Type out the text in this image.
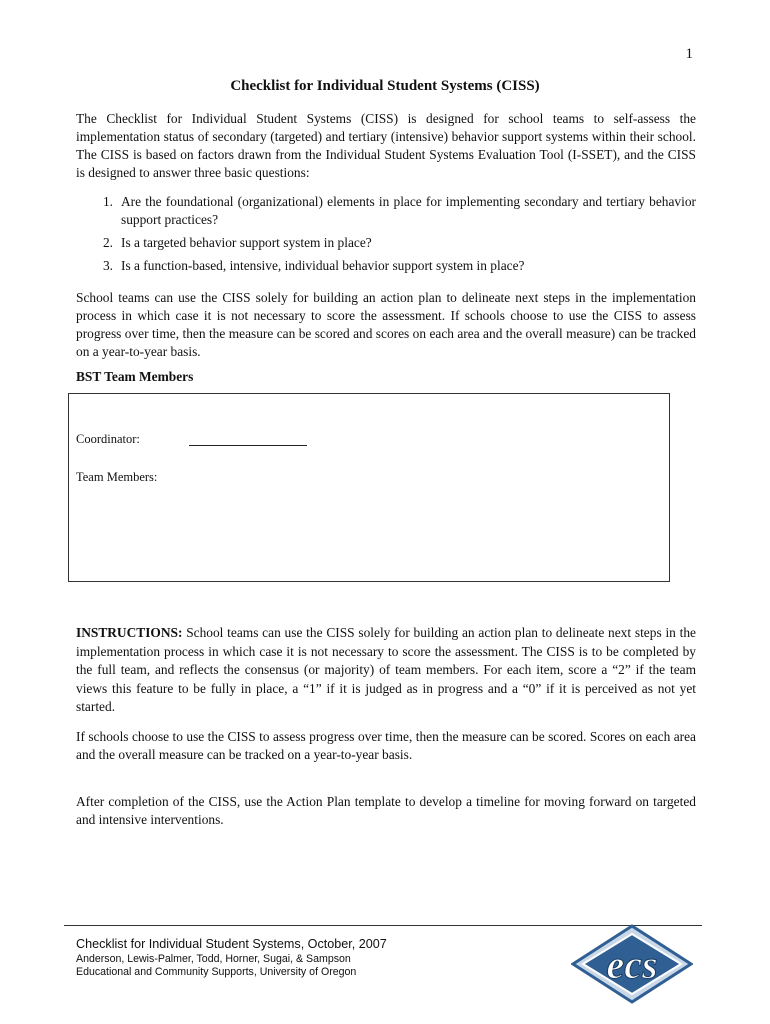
1
Checklist for Individual Student Systems (CISS)
The Checklist for Individual Student Systems (CISS) is designed for school teams to self-assess the implementation status of secondary (targeted) and tertiary (intensive) behavior support systems within their school. The CISS is based on factors drawn from the Individual Student Systems Evaluation Tool (I-SSET), and the CISS is designed to answer three basic questions:
1. Are the foundational (organizational) elements in place for implementing secondary and tertiary behavior support practices?
2. Is a targeted behavior support system in place?
3. Is a function-based, intensive, individual behavior support system in place?
School teams can use the CISS solely for building an action plan to delineate next steps in the implementation process in which case it is not necessary to score the assessment. If schools choose to use the CISS to assess progress over time, then the measure can be scored and scores on each area and the overall measure) can be tracked on a year-to-year basis.
BST Team Members
Coordinator:
Team Members:
INSTRUCTIONS: School teams can use the CISS solely for building an action plan to delineate next steps in the implementation process in which case it is not necessary to score the assessment. The CISS is to be completed by the full team, and reflects the consensus (or majority) of team members. For each item, score a “2” if the team views this feature to be fully in place, a “1” if it is judged as in progress and a “0” if it is perceived as not yet started.
If schools choose to use the CISS to assess progress over time, then the measure can be scored. Scores on each area and the overall measure can be tracked on a year-to-year basis.
After completion of the CISS, use the Action Plan template to develop a timeline for moving forward on targeted and intensive interventions.
Checklist for Individual Student Systems, October, 2007
Anderson, Lewis-Palmer, Todd, Horner, Sugai, & Sampson
Educational and Community Supports, University of Oregon	ecs
